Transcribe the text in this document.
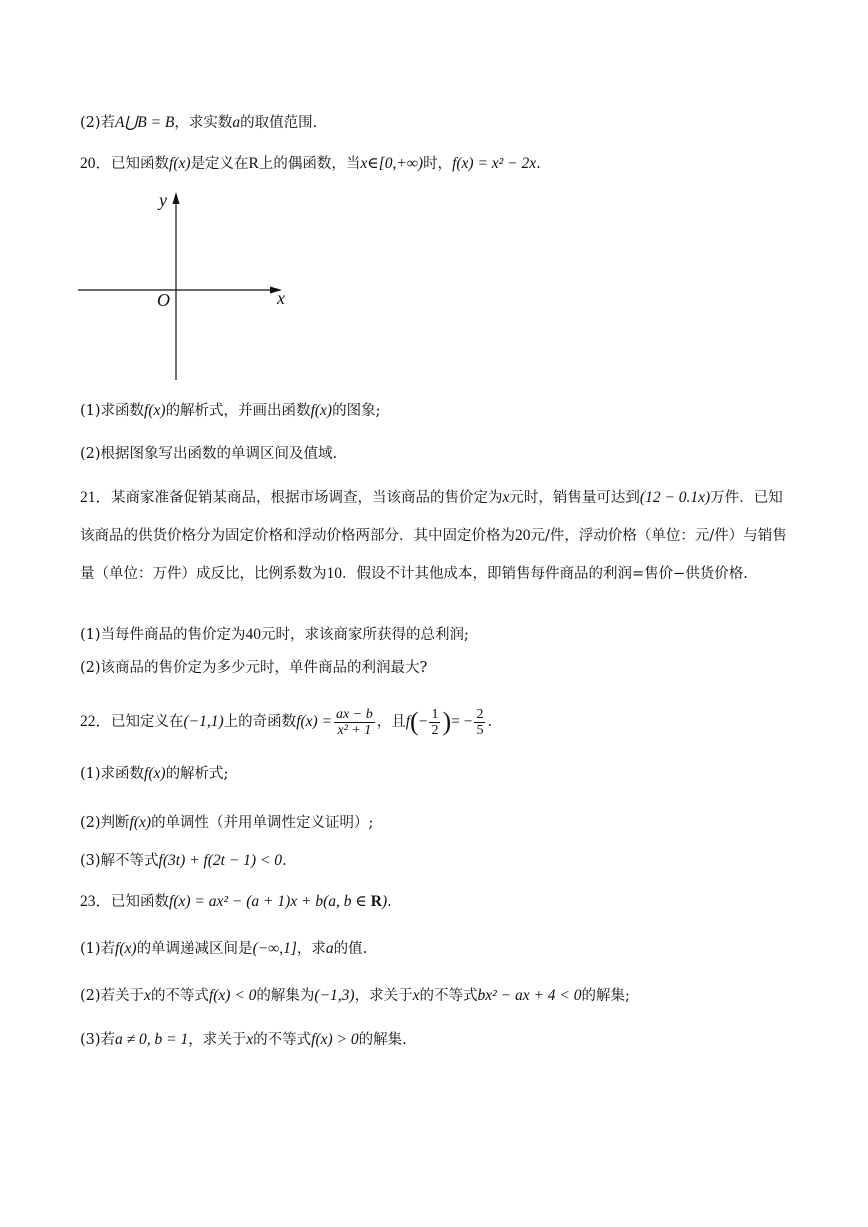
(2)若A⋃B = B，求实数a的取值范围.
20．已知函数f(x)是定义在R上的偶函数，当x∈[0,+∞)时，f(x) = x² − 2x.
y
x
O
(1)求函数f(x)的解析式，并画出函数f(x)的图象;
(2)根据图象写出函数的单调区间及值域.
21．某商家准备促销某商品，根据市场调查，当该商品的售价定为x元时，销售量可达到(12 − 0.1x)万件．已知该商品的供货价格分为固定价格和浮动价格两部分．其中固定价格为20元/件，浮动价格（单位：元/件）与销售量（单位：万件）成反比，比例系数为10．假设不计其他成本，即销售每件商品的利润=售价−供货价格.
(1)当每件商品的售价定为40元时，求该商家所获得的总利润;
(2)该商品的售价定为多少元时，单件商品的利润最大?
22．已知定义在(−1,1)上的奇函数$f(x) = \frac{ax - b}{\text{x² + 1}}$ ，且$f(- \frac{1}{2}$ )= − $\frac{2}{5}$ .
(1)求函数f(x)的解析式;
(2)判断f(x)的单调性（并用单调性定义证明）;
(3)解不等式f(3t) + f(2t − 1) < 0.
23．已知函数f(x) = ax² − (a + 1)x + b(a, b ∈ R).
(1)若f(x)的单调递减区间是(−∞,1]，求a的值.
(2)若关于x的不等式f(x) < 0的解集为(−1,3)，求关于x的不等式bx² − ax + 4 < 0的解集;
(3)若a ≠ 0, b = 1，求关于x的不等式f(x) > 0的解集.
